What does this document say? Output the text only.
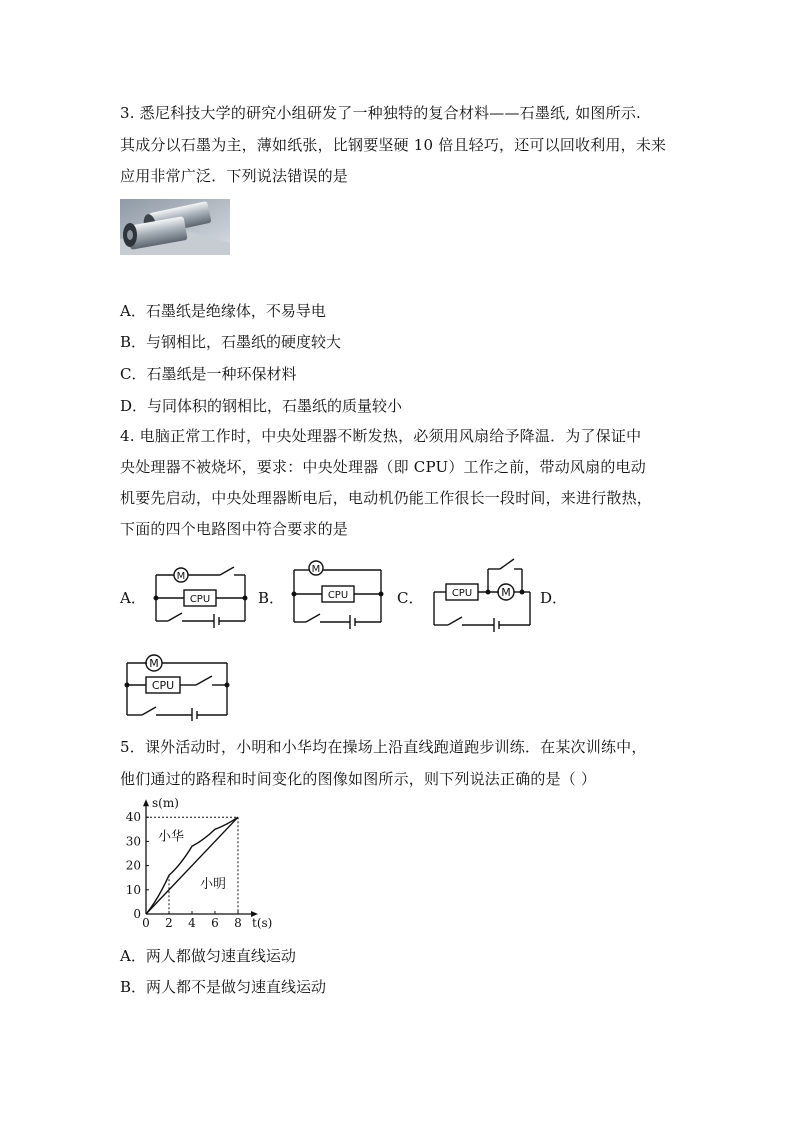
3. 悉尼科技大学的研究小组研发了一种独特的复合材料——石墨纸, 如图所示.
其成分以石墨为主，薄如纸张，比钢要坚硬 10 倍且轻巧，还可以回收利用，未来
应用非常广泛．下列说法错误的是
A．石墨纸是绝缘体，不易导电
B．与钢相比，石墨纸的硬度较大
C．石墨纸是一种环保材料
D．与同体积的钢相比，石墨纸的质量较小
4. 电脑正常工作时，中央处理器不断发热，必须用风扇给予降温．为了保证中
央处理器不被烧坏，要求：中央处理器（即 CPU）工作之前，带动风扇的电动
机要先启动，中央处理器断电后，电动机仍能工作很长一段时间，来进行散热，
下面的四个电路图中符合要求的是
A．	B．	C．	D．
M
CPU
M
CPU	CPU	M
M
CPU
5．课外活动时，小明和小华均在操场上沿直线跑道跑步训练．在某次训练中，
他们通过的路程和时间变化的图像如图所示，则下列说法正确的是（ ）
0 2 4 6 8
10
20
30
40
0
s(m)
t(s)
小华
小明
A．两人都做匀速直线运动
B．两人都不是做匀速直线运动
